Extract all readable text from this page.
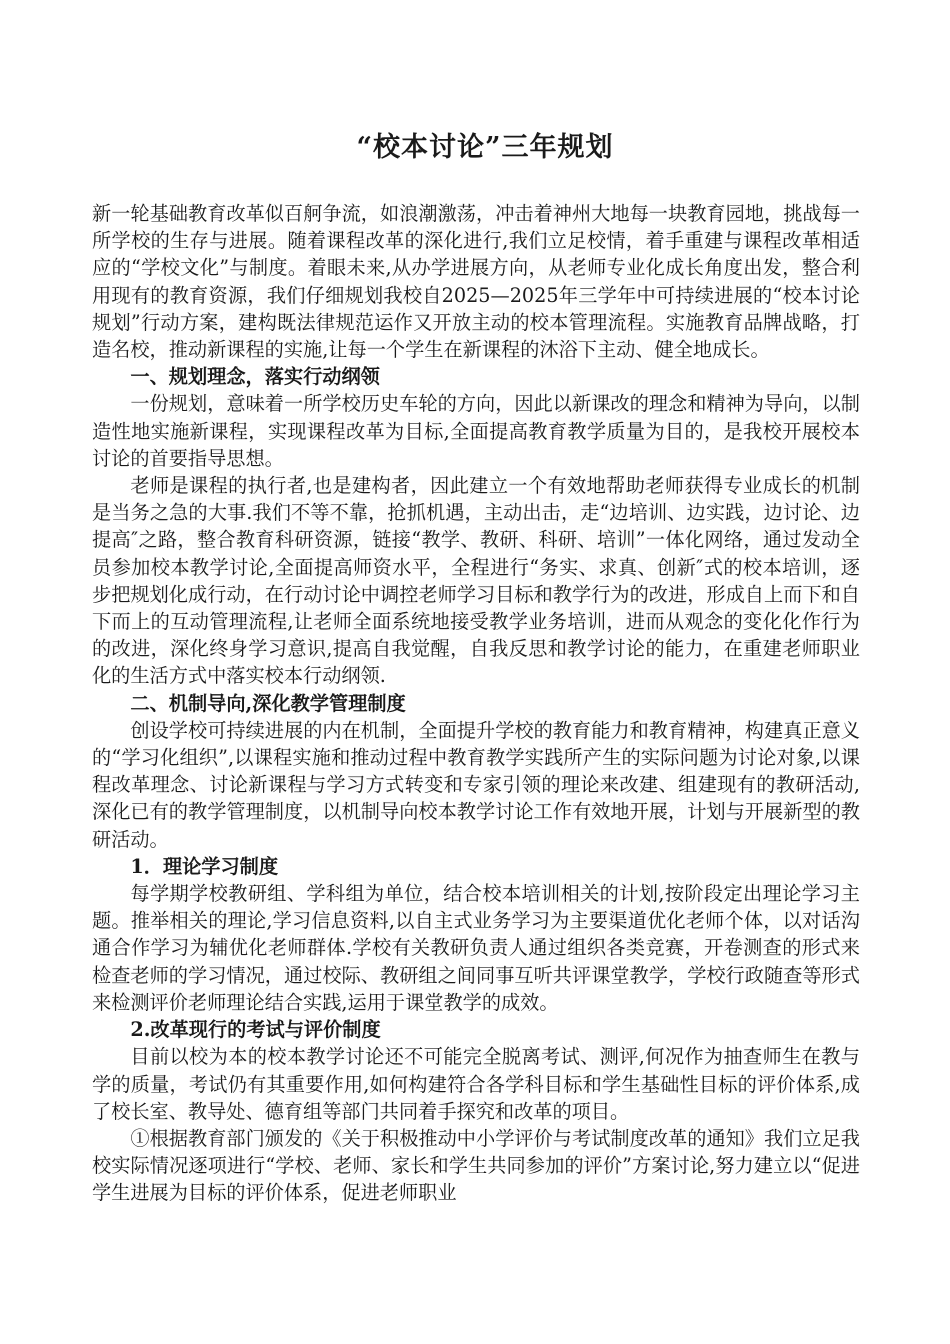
“校本讨论”三年规划

新一轮基础教育改革似百舸争流，如浪潮激荡，冲击着神州大地每一块教育园地，挑战每一所学校的生存与进展。随着课程改革的深化进行,我们立足校情，着手重建与课程改革相适应的“学校文化”与制度。着眼未来,从办学进展方向，从老师专业化成长角度出发，整合利用现有的教育资源，我们仔细规划我校自2025—2025年三学年中可持续进展的“校本讨论规划”行动方案，建构既法律规范运作又开放主动的校本管理流程。实施教育品牌战略，打造名校，推动新课程的实施,让每一个学生在新课程的沐浴下主动、健全地成长。

一、规划理念，落实行动纲领

一份规划，意味着一所学校历史车轮的方向，因此以新课改的理念和精神为导向，以制造性地实施新课程，实现课程改革为目标,全面提高教育教学质量为目的，是我校开展校本讨论的首要指导思想。

老师是课程的执行者,也是建构者，因此建立一个有效地帮助老师获得专业成长的机制是当务之急的大事.我们不等不靠，抢抓机遇，主动出击，走“边培训、边实践，边讨论、边提高″之路，整合教育科研资源，链接“教学、教研、科研、培训”一体化网络，通过发动全员参加校本教学讨论,全面提高师资水平，全程进行“务实、求真、创新″式的校本培训，逐步把规划化成行动，在行动讨论中调控老师学习目标和教学行为的改进，形成自上而下和自下而上的互动管理流程,让老师全面系统地接受教学业务培训，进而从观念的变化化作行为的改进，深化终身学习意识,提高自我觉醒，自我反思和教学讨论的能力，在重建老师职业化的生活方式中落实校本行动纲领.

二、机制导向,深化教学管理制度

创设学校可持续进展的内在机制，全面提升学校的教育能力和教育精神，构建真正意义的“学习化组织”,以课程实施和推动过程中教育教学实践所产生的实际问题为讨论对象,以课程改革理念、讨论新课程与学习方式转变和专家引领的理论来改建、组建现有的教研活动,深化已有的教学管理制度，以机制导向校本教学讨论工作有效地开展，计划与开展新型的教研活动。

1．理论学习制度

每学期学校教研组、学科组为单位，结合校本培训相关的计划,按阶段定出理论学习主题。推举相关的理论,学习信息资料,以自主式业务学习为主要渠道优化老师个体，以对话沟通合作学习为辅优化老师群体.学校有关教研负责人通过组织各类竞赛，开卷测查的形式来检查老师的学习情况，通过校际、教研组之间同事互听共评课堂教学，学校行政随查等形式来检测评价老师理论结合实践,运用于课堂教学的成效。

2.改革现行的考试与评价制度

目前以校为本的校本教学讨论还不可能完全脱离考试、测评,何况作为抽查师生在教与学的质量，考试仍有其重要作用,如何构建符合各学科目标和学生基础性目标的评价体系,成了校长室、教导处、德育组等部门共同着手探究和改革的项目。

①根据教育部门颁发的《关于积极推动中小学评价与考试制度改革的通知》我们立足我校实际情况逐项进行“学校、老师、家长和学生共同参加的评价”方案讨论,努力建立以“促进学生进展为目标的评价体系，促进老师职业
